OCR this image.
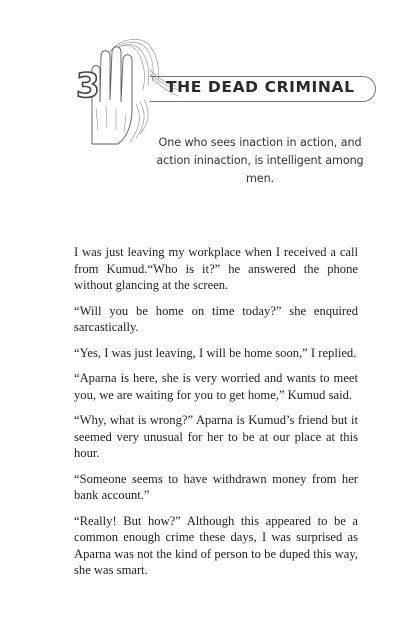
3	THE DEAD CRIMINAL
One who sees inaction in action, and
action ininaction, is intelligent among men.

I was just leaving my workplace when I received a call from Kumud.“Who is it?” he answered the phone without glancing at the screen.

“Will you be home on time today?” she enquired sarcastically.

“Yes, I was just leaving, I will be home soon,” I replied.

“Aparna is here, she is very worried and wants to meet you, we are waiting for you to get home,” Kumud said.

“Why, what is wrong?” Aparna is Kumud’s friend but it seemed very unusual for her to be at our place at this hour.

“Someone seems to have withdrawn money from her bank account.”

“Really! But how?” Although this appeared to be a common enough crime these days, I was surprised as Aparna was not the kind of person to be duped this way, she was smart.
